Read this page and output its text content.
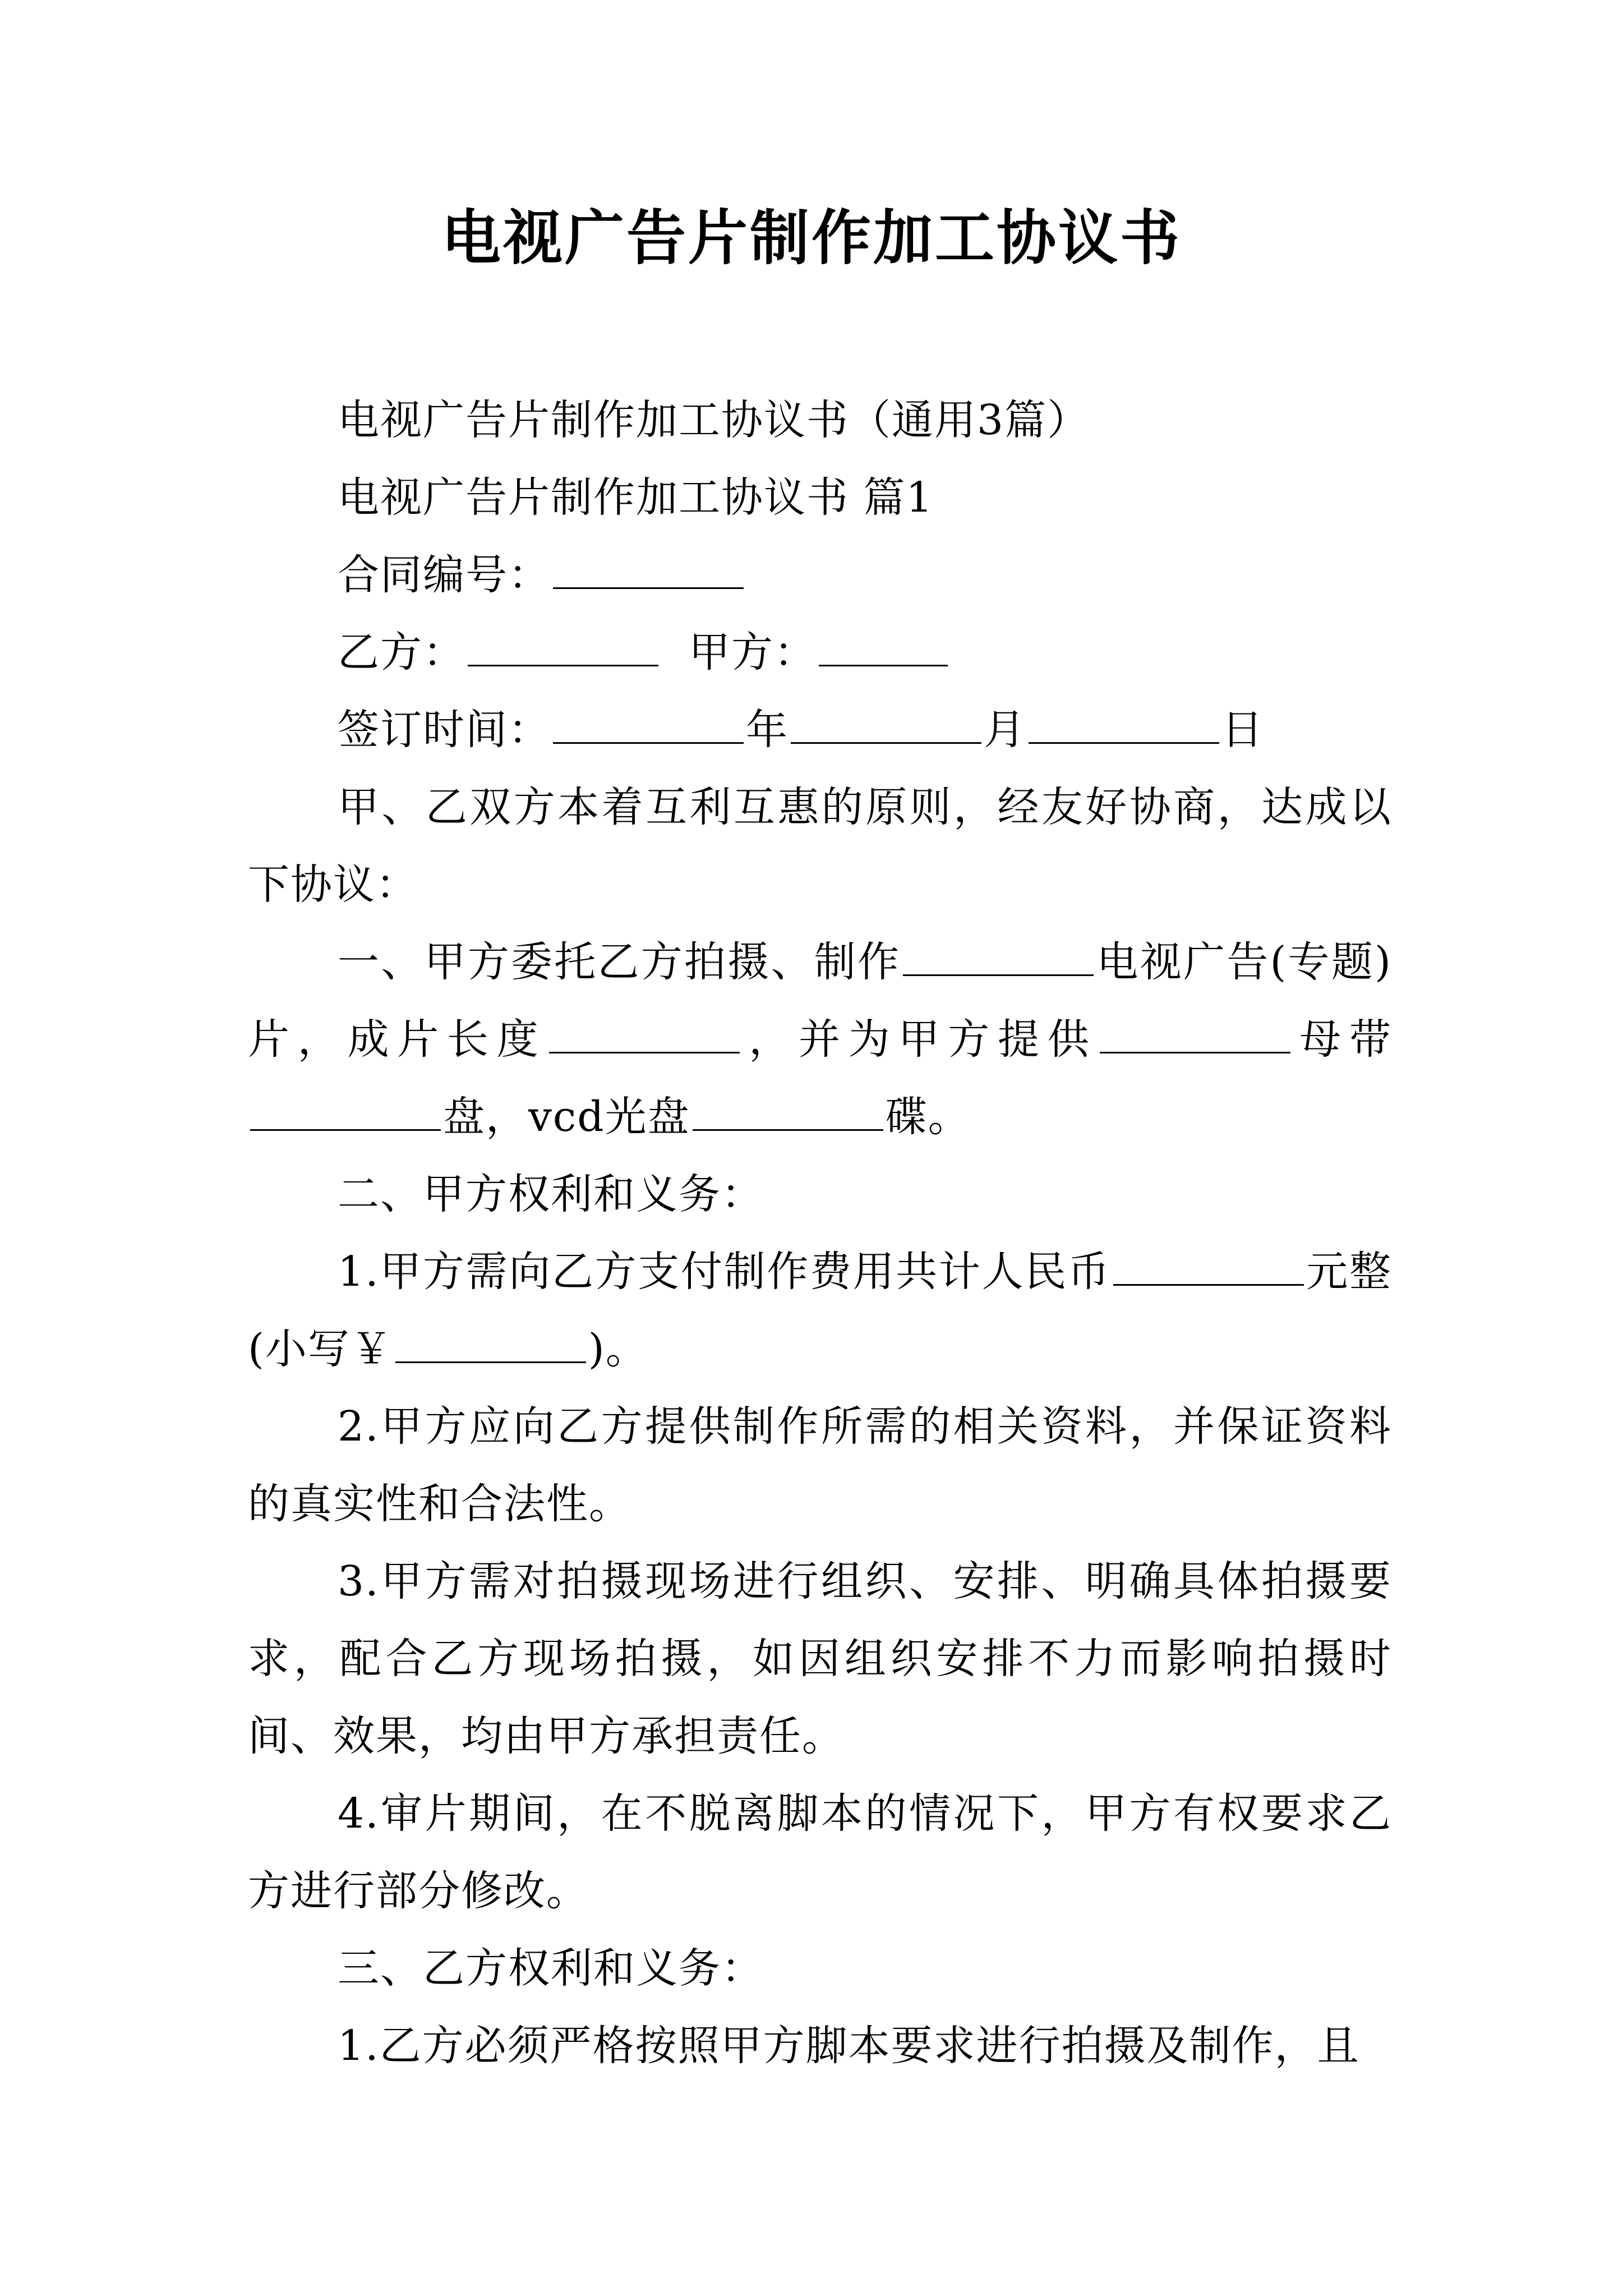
电视广告片制作加工协议书

电视广告片制作加工协议书（通用3篇）

电视广告片制作加工协议书 篇1

合同编号：

乙方：	甲方：

签订时间：	年	月	日

甲、乙双方本着互利互惠的原则，经友好协商，达成以下协议：

一、甲方委托乙方拍摄、制作	电视广告(专题)片，成片长度	，并为甲方提供	母带盘，vcd光盘	碟。

二、甲方权利和义务：

1.甲方需向乙方支付制作费用共计人民币	元整(小写￥	)。

2.甲方应向乙方提供制作所需的相关资料，并保证资料的真实性和合法性。

3.甲方需对拍摄现场进行组织、安排、明确具体拍摄要求，配合乙方现场拍摄，如因组织安排不力而影响拍摄时间、效果，均由甲方承担责任。

4.审片期间，在不脱离脚本的情况下，甲方有权要求乙方进行部分修改。

三、乙方权利和义务：

1.乙方必须严格按照甲方脚本要求进行拍摄及制作，且
